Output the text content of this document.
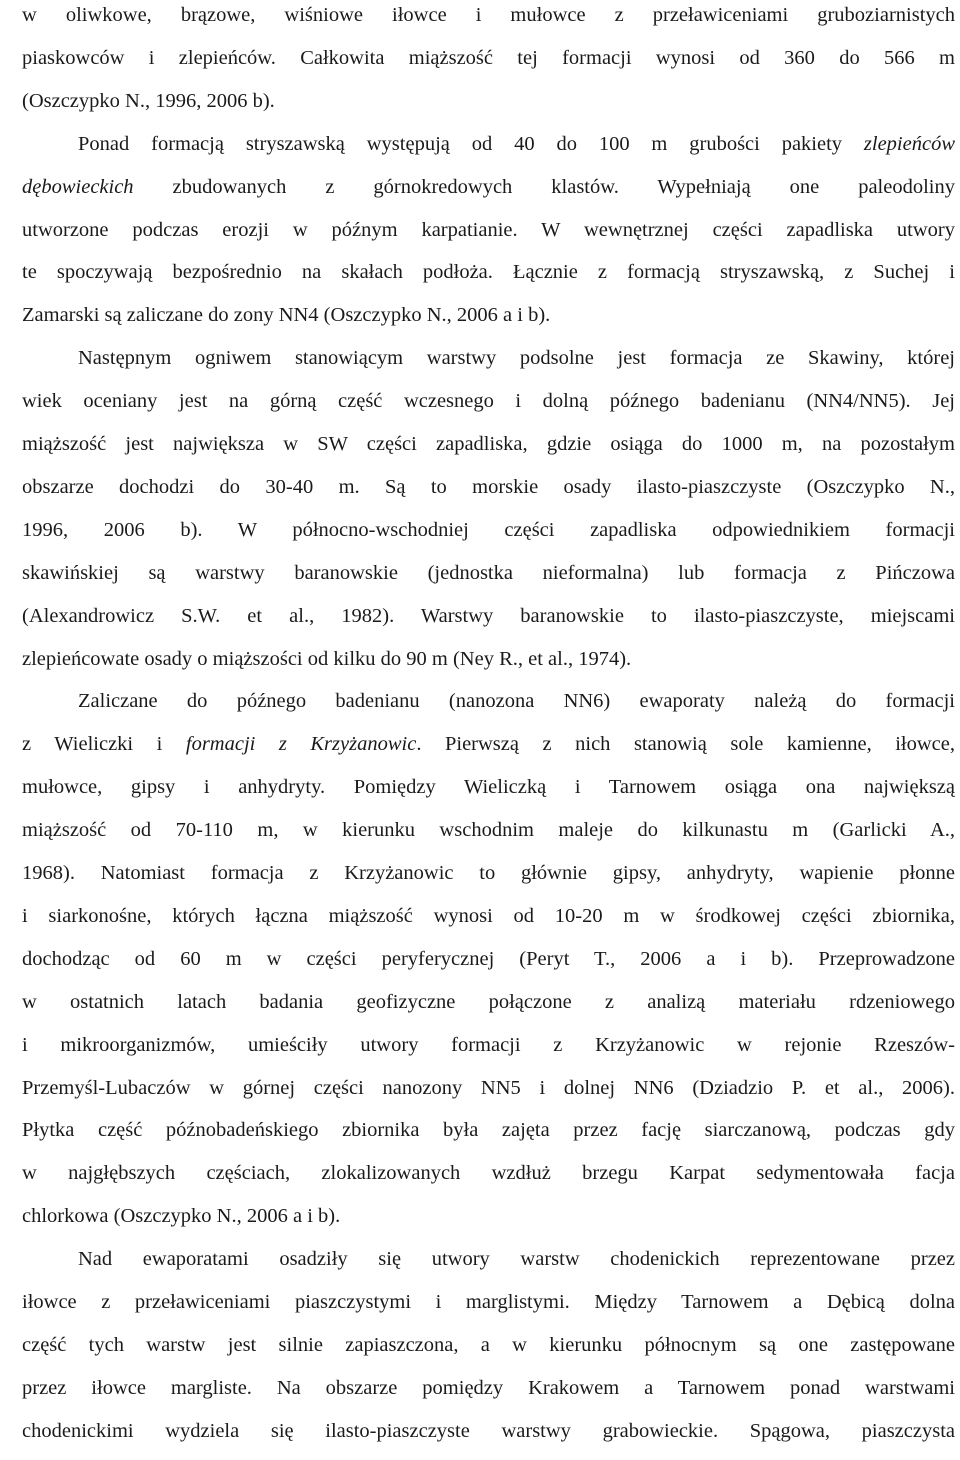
w oliwkowe, brązowe, wiśniowe iłowce i mułowce z przeławiceniami gruboziarnistych
piaskowców i zlepieńców. Całkowita miąższość tej formacji wynosi od 360 do 566 m
(Oszczypko N., 1996, 2006 b).
Ponad formacją stryszawską występują od 40 do 100 m grubości pakiety zlepieńców
dębowieckich zbudowanych z górnokredowych klastów. Wypełniają one paleodoliny
utworzone podczas erozji w późnym karpatianie. W wewnętrznej części zapadliska utwory
te spoczywają bezpośrednio na skałach podłoża. Łącznie z formacją stryszawską, z Suchej i
Zamarski są zaliczane do zony NN4 (Oszczypko N., 2006 a i b).
Następnym ogniwem stanowiącym warstwy podsolne jest formacja ze Skawiny, której
wiek oceniany jest na górną część wczesnego i dolną późnego badenianu (NN4/NN5). Jej
miąższość jest największa w SW części zapadliska, gdzie osiąga do 1000 m, na pozostałym
obszarze dochodzi do 30-40 m. Są to morskie osady ilasto-piaszczyste (Oszczypko N.,
1996, 2006 b). W północno-wschodniej części zapadliska odpowiednikiem formacji
skawińskiej są warstwy baranowskie (jednostka nieformalna) lub formacja z Pińczowa
(Alexandrowicz S.W. et al., 1982). Warstwy baranowskie to ilasto-piaszczyste, miejscami
zlepieńcowate osady o miąższości od kilku do 90 m (Ney R., et al., 1974).
Zaliczane do późnego badenianu (nanozona NN6) ewaporaty należą do formacji
z Wieliczki i formacji z Krzyżanowic. Pierwszą z nich stanowią sole kamienne, iłowce,
mułowce, gipsy i anhydryty. Pomiędzy Wieliczką i Tarnowem osiąga ona największą
miąższość od 70-110 m, w kierunku wschodnim maleje do kilkunastu m (Garlicki A.,
1968). Natomiast formacja z Krzyżanowic to głównie gipsy, anhydryty, wapienie płonne
i siarkonośne, których łączna miąższość wynosi od 10-20 m w środkowej części zbiornika,
dochodząc od 60 m w części peryferycznej (Peryt T., 2006 a i b). Przeprowadzone
w ostatnich latach badania geofizyczne połączone z analizą materiału rdzeniowego
i mikroorganizmów, umieściły utwory formacji z Krzyżanowic w rejonie Rzeszów-
Przemyśl-Lubaczów w górnej części nanozony NN5 i dolnej NN6 (Dziadzio P. et al., 2006).
Płytka część późnobadeńskiego zbiornika była zajęta przez fację siarczanową, podczas gdy
w najgłębszych częściach, zlokalizowanych wzdłuż brzegu Karpat sedymentowała facja
chlorkowa (Oszczypko N., 2006 a i b).
Nad ewaporatami osadziły się utwory warstw chodenickich reprezentowane przez
iłowce z przeławiceniami piaszczystymi i marglistymi. Między Tarnowem a Dębicą dolna
część tych warstw jest silnie zapiaszczona, a w kierunku północnym są one zastępowane
przez iłowce margliste. Na obszarze pomiędzy Krakowem a Tarnowem ponad warstwami
chodenickimi wydziela się ilasto-piaszczyste warstwy grabowieckie. Spągowa, piaszczysta
